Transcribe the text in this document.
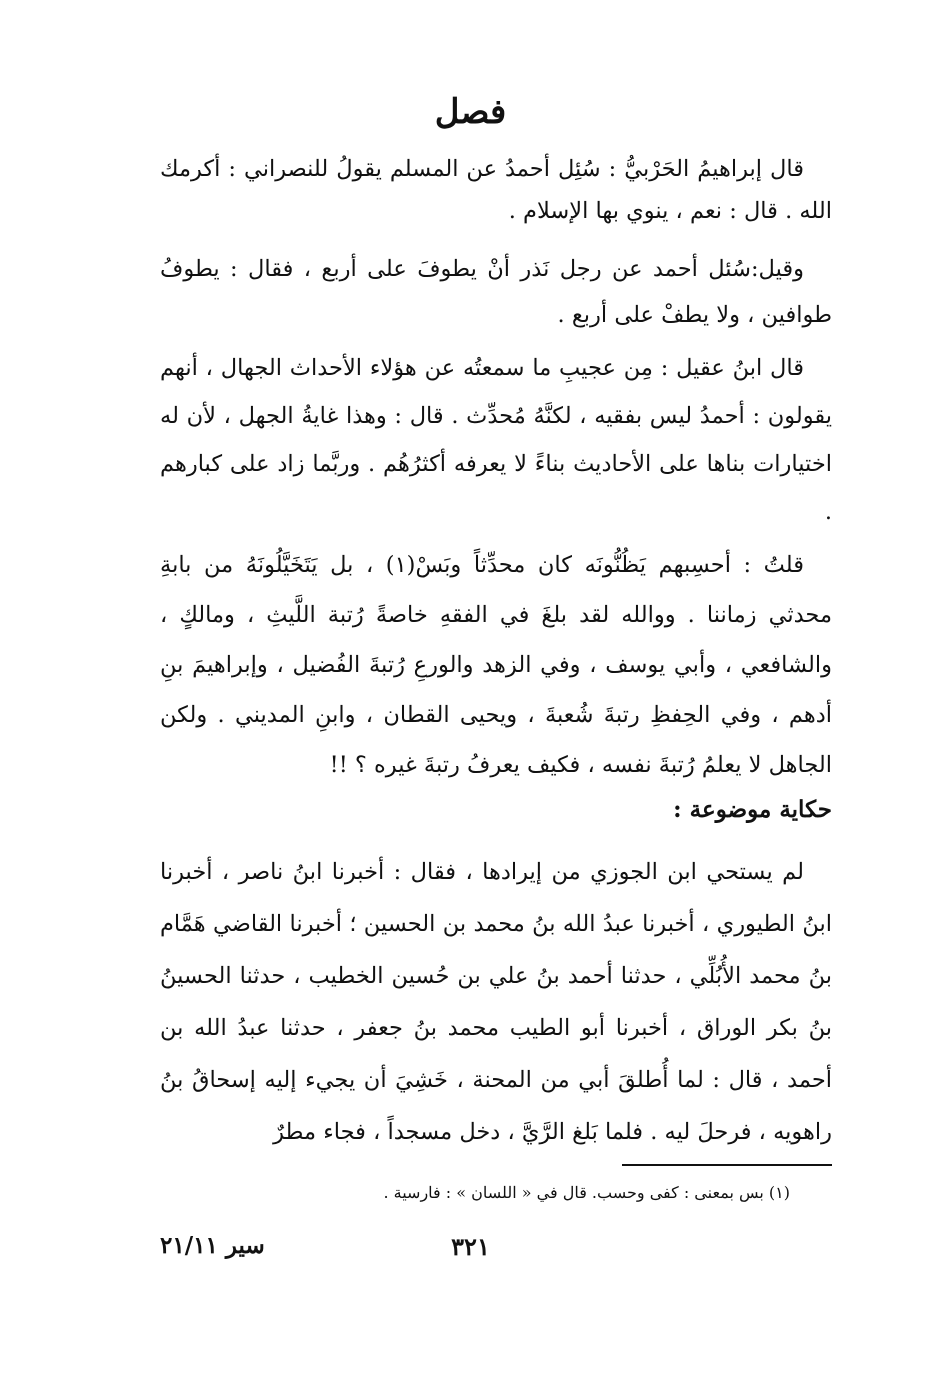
فصل

قال إبراهيمُ الحَرْبيُّ : سُئِل أحمدُ عن المسلم يقولُ للنصراني : أكرمك الله . قال : نعم ، ينوي بها الإسلام .

وقيل:سُئل أحمد عن رجل نَذر أنْ يطوفَ على أربع ، فقال : يطوفُ طوافين ، ولا يطفْ على أربع .

قال ابنُ عقيل : مِن عجيبِ ما سمعتُه عن هؤلاء الأحداث الجهال ، أنهم يقولون : أحمدُ ليس بفقيه ، لكنَّهُ مُحدِّث . قال : وهذا غايةُ الجهل ، لأن له اختيارات بناها على الأحاديث بناءً لا يعرفه أكثرُهُم . وربَّما زاد على كبارهم .

قلتُ : أحسِبهم يَظُنُّونَه كان محدِّثاً وبَسْ(١) ، بل يَتَخَيَّلُونَهُ من بابةِ محدثي زماننا . ووالله لقد بلغَ في الفقهِ خاصةً رُتبة اللَّيثِ ، ومالكٍ ، والشافعي ، وأبي يوسف ، وفي الزهد والورعِ رُتبةَ الفُضيل ، وإبراهيمَ بنِ أدهم ، وفي الحِفظِ رتبةَ شُعبةَ ، ويحيى القطان ، وابنِ المديني . ولكن الجاهل لا يعلمُ رُتبةَ نفسه ، فكيف يعرفُ رتبةَ غيره ؟ !!

حكاية موضوعة :

لم يستحي ابن الجوزي من إيرادها ، فقال : أخبرنا ابنُ ناصر ، أخبرنا ابنُ الطيوري ، أخبرنا عبدُ الله بنُ محمد بن الحسين ؛ أخبرنا القاضي هَمَّام بنُ محمد الأُبُلِّي ، حدثنا أحمد بنُ علي بن حُسين الخطيب ، حدثنا الحسينُ بنُ بكر الوراق ، أخبرنا أبو الطيب محمد بنُ جعفر ، حدثنا عبدُ الله بن أحمد ، قال : لما أُطلقَ أبي من المحنة ، خَشِيَ أن يجيء إليه إسحاقُ بنُ راهويه ، فرحلَ ليه . فلما بَلغ الرَّيَّ ، دخل مسجداً ، فجاء مطرٌ

(١) بس بمعنى : كفى وحسب. قال في « اللسان » : فارسية .
٣٢١
سير ٢١/١١
